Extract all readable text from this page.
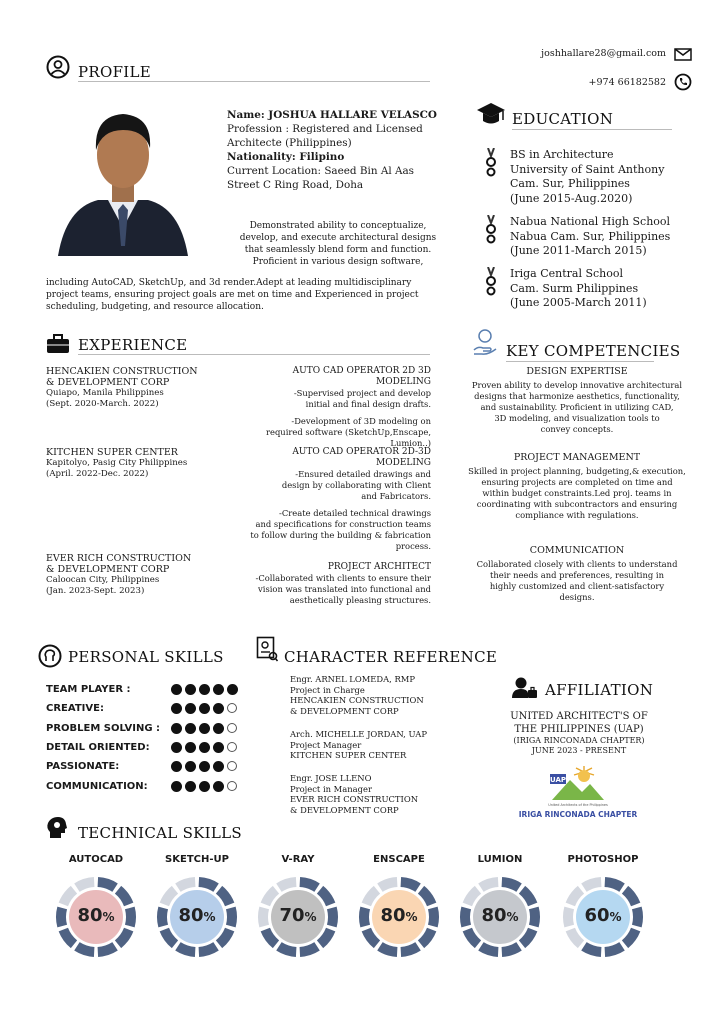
joshhallare28@gmail.com
+974 66182582
PROFILE
Name: JOSHUA HALLARE VELASCO
Profession : Registered and Licensed
Architecte (Philippines)
Nationality: Filipino
Current Location: Saeed Bin Al Aas
Street C Ring Road, Doha
Demonstrated ability to conceptualize,
develop, and execute architectural designs
that seamlessly blend form and function.
Proficient in various design software,
including AutoCAD, SketchUp, and 3d render.Adept at leading multidisciplinary
project teams, ensuring project goals are met on time and Experienced in project
scheduling, budgeting, and resource allocation.
EDUCATION
BS in Architecture
University of Saint Anthony
Cam. Sur, Philippines
(June 2015-Aug.2020)
Nabua National High School
Nabua Cam. Sur, Philippines
(June 2011-March 2015)
Iriga Central School
Cam. Surm Philippines
(June 2005-March 2011)
EXPERIENCE
HENCAKIEN CONSTRUCTION
& DEVELOPMENT CORP
Quiapo, Manila Philippines
(Sept. 2020-March. 2022)
KITCHEN SUPER CENTER
Kapitolyo, Pasig City Philippines
(April. 2022-Dec. 2022)
EVER RICH CONSTRUCTION
& DEVELOPMENT CORP
Caloocan City, Philippines
(Jan. 2023-Sept. 2023)
AUTO CAD OPERATOR 2D 3D MODELING
-Supervised project and develop
initial and final design drafts.
-Development of 3D modeling on
required software (SketchUp,Enscape,
Lumion..)
AUTO CAD OPERATOR 2D-3D MODELING
-Ensured detailed drawings and
design by collaborating with Client
and Fabricators.
-Create detailed technical drawings
and specifications for construction teams
to follow during the building & fabrication
process.
PROJECT ARCHITECT
-Collaborated with clients to ensure their
vision was translated into functional and
aesthetically pleasing structures.
KEY COMPETENCIES
DESIGN EXPERTISE
Proven ability to develop innovative architectural
designs that harmonize aesthetics, functionality,
and sustainability. Proficient in utilizing CAD,
3D modeling, and visualization tools to
convey concepts.
PROJECT MANAGEMENT
Skilled in project planning, budgeting,& execution,
ensuring projects are completed on time and
within budget constraints.Led proj. teams in
coordinating with subcontractors and ensuring
compliance with regulations.
COMMUNICATION
Collaborated closely with clients to understand
their needs and preferences, resulting in
highly customized and client-satisfactory
designs.
PERSONAL SKILLS
TEAM PLAYER :
CREATIVE:
PROBLEM SOLVING :
DETAIL ORIENTED:
PASSIONATE:
COMMUNICATION:
CHARACTER REFERENCE
Engr. ARNEL LOMEDA, RMP
Project in Charge
HENCAKIEN CONSTRUCTION
& DEVELOPMENT CORP
Arch. MICHELLE JORDAN, UAP
Project Manager
KITCHEN SUPER CENTER
Engr. JOSE LLENO
Project in Manager
EVER RICH CONSTRUCTION
& DEVELOPMENT CORP
AFFILIATION
UNITED ARCHITECT'S OF
THE PHILIPPINES (UAP)
(IRIGA RINCONADA CHAPTER)
JUNE 2023 - PRESENT
UAP
United Architects of the Philippines
IRIGA RINCONADA CHAPTER
TECHNICAL SKILLS
AUTOCAD
80%
SKETCH-UP
80%
V-RAY
70%
ENSCAPE
80%
LUMION
80%
PHOTOSHOP
60%
